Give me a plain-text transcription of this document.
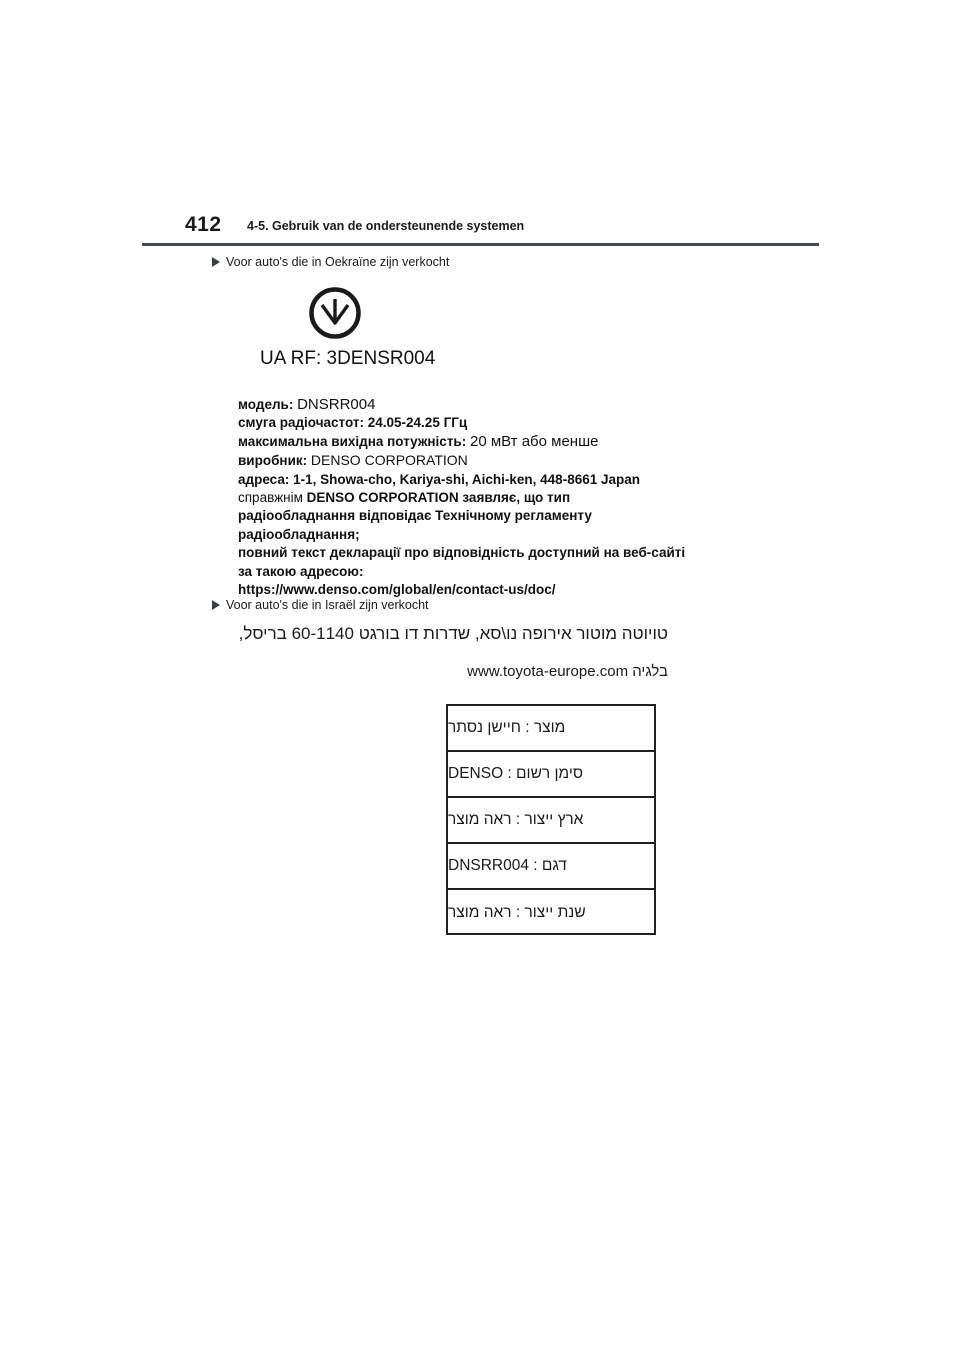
412 4-5. Gebruik van de ondersteunende systemen
Voor auto's die in Oekraïne zijn verkocht
UA RF: 3DENSR004
модель: DNSRR004
смуга радіочастот: 24.05-24.25 ГГц
максимальна вихідна потужність: 20 мВт або менше
виробник: DENSO CORPORATION
адреса: 1-1, Showa-cho, Kariya-shi, Aichi-ken, 448-8661 Japan
справжнім DENSO CORPORATION заявляє, що тип
радіообладнання відповідає Технічному регламенту
радіообладнання;
повний текст декларації про відповідність доступний на веб-сайті
за такою адресою:
https://www.denso.com/global/en/contact-us/doc/
Voor auto's die in Israël zijn verkocht
טויוטה מוטור אירופה נו\סא, שדרות דו בורגט 60-1140 בריסל,
בלגיה www.toyota-europe.com
מוצר : חיישן נסתר
סימן רשום : DENSO
ארץ ייצור : ראה מוצר
דגם : DNSRR004
שנת ייצור : ראה מוצר
